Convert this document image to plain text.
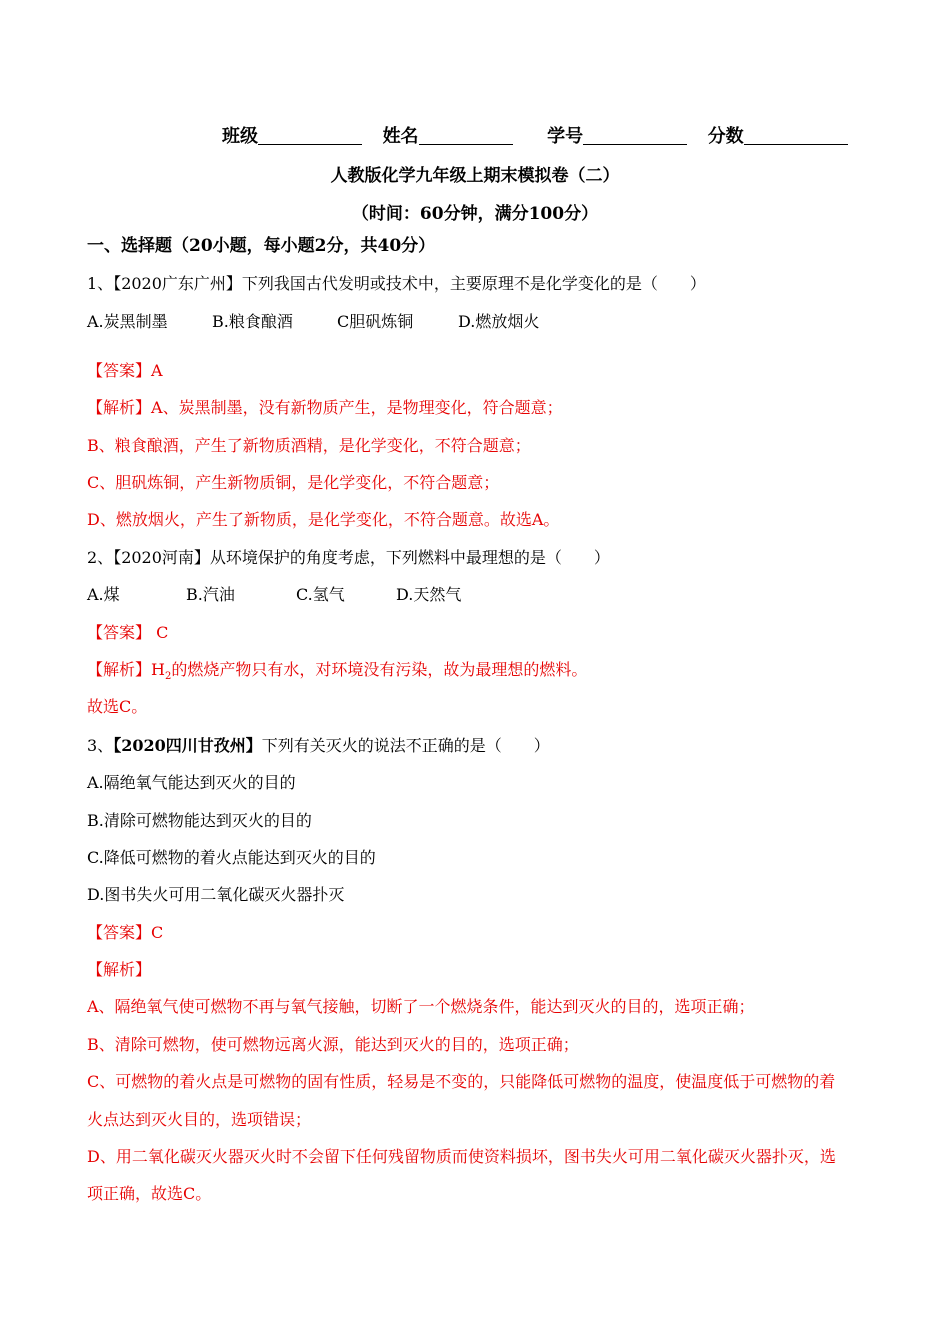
班级	姓名	学号	分数
人教版化学九年级上期末模拟卷（二）
（时间：60分钟，满分100分）
一、选择题（20小题，每小题2分，共40分）
1、【2020广东广州】下列我国古代发明或技术中，主要原理不是化学变化的是（　　）
A.炭黑制墨	B.粮食酿酒	C胆矾炼铜	D.燃放烟火
【答案】A
【解析】A、炭黑制墨，没有新物质产生，是物理变化，符合题意；
B、粮食酿酒，产生了新物质酒精，是化学变化，不符合题意；
C、胆矾炼铜，产生新物质铜，是化学变化，不符合题意；
D、燃放烟火，产生了新物质，是化学变化，不符合题意。故选A。
2、【2020河南】从环境保护的角度考虑，下列燃料中最理想的是（　　）
A.煤	B.汽油	C.氢气	D.天然气
【答案】 C
【解析】$H_2$的燃烧产物只有水，对环境没有污染，故为最理想的燃料。
故选C。
3、【2020四川甘孜州】下列有关灭火的说法不正确的是（　　）
A.隔绝氧气能达到灭火的目的
B.清除可燃物能达到灭火的目的
C.降低可燃物的着火点能达到灭火的目的
D.图书失火可用二氧化碳灭火器扑灭
【答案】C
【解析】
A、隔绝氧气使可燃物不再与氧气接触，切断了一个燃烧条件，能达到灭火的目的，选项正确；
B、清除可燃物，使可燃物远离火源，能达到灭火的目的，选项正确；
C、可燃物的着火点是可燃物的固有性质，轻易是不变的，只能降低可燃物的温度，使温度低于可燃物的着
火点达到灭火目的，选项错误；
D、用二氧化碳灭火器灭火时不会留下任何残留物质而使资料损坏，图书失火可用二氧化碳灭火器扑灭，选
项正确，故选C。
